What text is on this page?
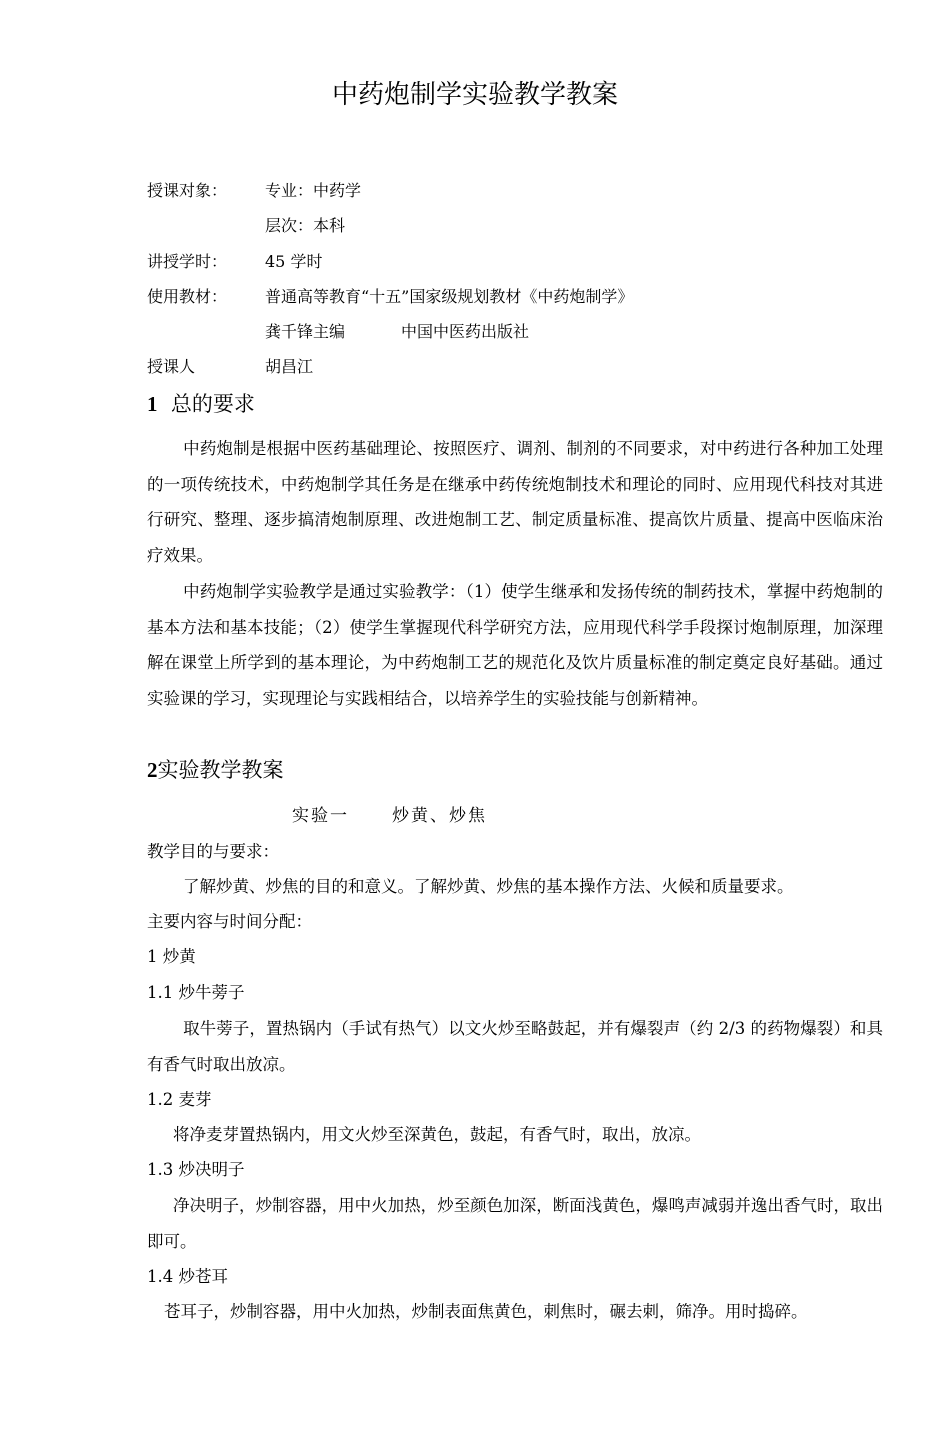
中药炮制学实验教学教案
授课对象： 专业：中药学
层次：本科
讲授学时： 45 学时
使用教材： 普通高等教育“十五”国家级规划教材《中药炮制学》
龚千锋主编	中国中医药出版社
授课人	胡昌江
1 总的要求
中药炮制是根据中医药基础理论、按照医疗、调剂、制剂的不同要求，对中药进行各种加工处理的一项传统技术，中药炮制学其任务是在继承中药传统炮制技术和理论的同时、应用现代科技对其进行研究、整理、逐步搞清炮制原理、改进炮制工艺、制定质量标准、提高饮片质量、提高中医临床治疗效果。
中药炮制学实验教学是通过实验教学：（1）使学生继承和发扬传统的制药技术，掌握中药炮制的基本方法和基本技能；（2）使学生掌握现代科学研究方法，应用现代科学手段探讨炮制原理，加深理解在课堂上所学到的基本理论，为中药炮制工艺的规范化及饮片质量标准的制定奠定良好基础。通过实验课的学习，实现理论与实践相结合，以培养学生的实验技能与创新精神。
2实验教学教案
实验一	炒黄、炒焦
教学目的与要求：
了解炒黄、炒焦的目的和意义。了解炒黄、炒焦的基本操作方法、火候和质量要求。
主要内容与时间分配：
1 炒黄
1.1 炒牛蒡子
取牛蒡子，置热锅内（手试有热气）以文火炒至略鼓起，并有爆裂声（约 2/3 的药物爆裂）和具有香气时取出放凉。
1.2 麦芽
将净麦芽置热锅内，用文火炒至深黄色，鼓起，有香气时，取出，放凉。
1.3 炒决明子
净决明子，炒制容器，用中火加热，炒至颜色加深，断面浅黄色，爆鸣声减弱并逸出香气时，取出即可。
1.4 炒苍耳
苍耳子，炒制容器，用中火加热，炒制表面焦黄色，刺焦时，碾去刺，筛净。用时捣碎。
